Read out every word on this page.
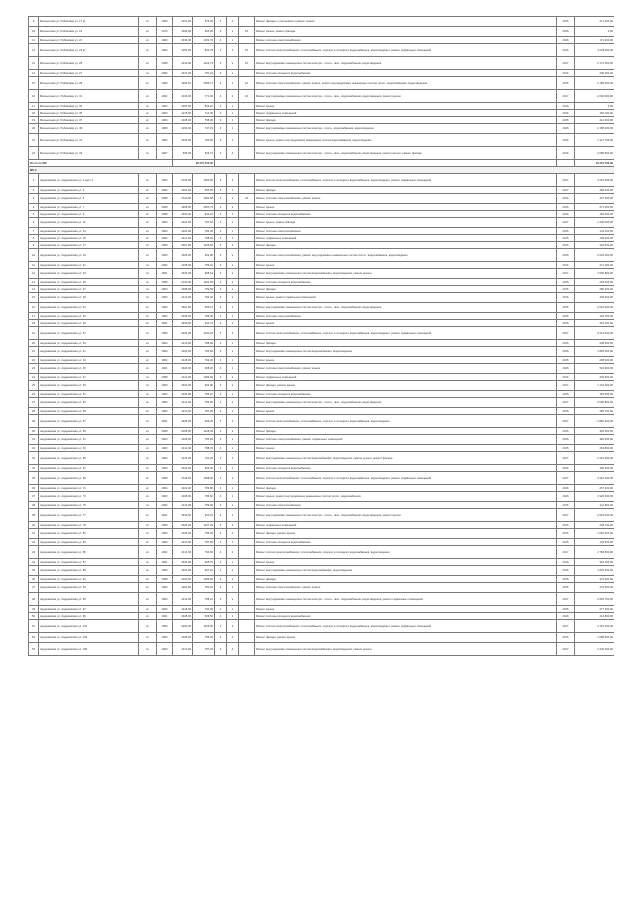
9	Мельничная ул. Рябиновая ул. 17 к1	кп	1969	1014,00	576,09	2	1		Ремонт фасада с утеплением и ремонт кровли	2015	271 200,00
10	Мельничная ул. Рябиновая ул. 19	кп	1974	1692,00	904,20	3	1	18	Ремонт крыши, ремонт фасада	2016	0,00
11	Мельничная ул. Рябиновая ул. 21	кп	1960	2046,00	1151,72	4	1		Ремонт системы электроснабжения	2016	171 200,00
12	Мельничная ул. Рябиновая ул. 23 к1	кп	1962	1352,00	844,79	4	1	16	Ремонт систем электроснабжения, теплоснабжения, горячего и холодного водоснабжения, водоотведения, ремонт подвальных помещений	2016	3 249 000,00
13	Мельничная ул. Рябиновая ул. 25	кп	1958	1440,00	1102,74	4	1	16	Ремонт внутридомовых инженерных систем электро-, тепло-, газо-, водоснабжения, водоотведения	2017	2 174 500,00
14	Мельничная ул. Рябиновая ул. 27	кп	1966	1374,00	787,24	3	1		Ремонт системы холодного водоснабжения	2016	200 000,00
15	Мельничная ул. Рябиновая ул. 29	кп	1959	1906,00	1005,17	4	1	16	Ремонт системы электроснабжения, ремонт крыши, ремонт внутридомовых инженерных систем тепло-, водоснабжения, водоотведения	2016	2 180 000,00
16	Мельничная ул. Рябиновая ул. 31	кп	1962	1406,00	771,00	4	1	16	Ремонт внутридомовых инженерных систем электро-, тепло-, газо-, водоснабжения, водоотведения, ремонт крыши	2017	2 040 000,00
17	Мельничная ул. Рябиновая ул. 33	кп	1964	1366,00	816,22	4	1		Ремонт крыши	2016	0,00
18	Мельничная ул. Рябиновая ул. 35	кп	1963	1278,00	714,30	3	1		Ремонт подвальных помещений	2016	160 000,00
19	Мельничная ул. Рябиновая ул. 37	кп	1964	1408,00	798,30	3	1		Ремонт фасада	2015	214 300,00
20	Мельничная ул. Рябиновая ул. 39	кп	1968	1296,00	747,03	3	1		Ремонт внутридомовых инженерных систем электро-, тепло-, водоснабжения, водоотведения	2016	2 158 000,00
21	Мельничная ул. Рябиновая ул. 41	кп	1962	1406,00	783,05	3	1		Ремонт крыши, ремонт внутридомовых инженерных систем водоснабжения, водоотведения	2016	2 127 700,00
22	Мельничная ул. Рябиновая ул. 43	кп	1967	936,00	529,71	2	1		Ремонт внутридомовых инженерных систем электро-, тепло-, газо-, водоснабжения, водоотведения, ремонт крыши, ремонт фасада	2016	2 089 500,00
Итого по МО				26 270 400,00							19 201 700,00
МО 2											
1	Андреевская ул. Андреевская ул. 1 корп 1	кп	1963	2106,00	1184,50	5	2		Ремонт систем электроснабжения, теплоснабжения, горячего и холодного водоснабжения, водоотведения, ремонт подвальных помещений	2017	3 251 500,00
2	Андреевская ул. Андреевская ул. 3	кп	1962	1004,00	560,05	3	1		Ремонт фасада	2017	468 400,00
3	Андреевская ул. Андреевская ул. 5	кп	1958	2110,00	1184,68	4	2	34	Ремонт системы электроснабжения, ремонт крыши	2016	447 500,00
4	Андреевская ул. Андреевская ул. 7	кп	1959	1928,00	1054,73	4	2		Ремонт крыши	2016	271 200,00
5	Андреевская ул. Андреевская ул. 9	кп	1958	1630,00	910,24	4	1		Ремонт системы холодного водоснабжения	2016	160 000,00
6	Андреевская ул. Андреевская ул. 11	кп	1964	1424,00	797,62	4	1		Ремонт крыши, ремонт фасада	2017	1 230 000,00
7	Андреевская ул. Андреевская ул. 13	кп	1963	1404,00	784,30	4	1		Ремонт системы электроснабжения	2015	144 100,00
8	Андреевская ул. Андреевская ул. 15	кп	1962	1412,00	788,02	4	1		Ремонт подвальных помещений	2015	135 000,00
9	Андреевская ул. Андреевская ул. 17	кп	1959	2024,00	1125,60	4	2		Ремонт фасада	2016	334 500,00
10	Андреевская ул. Андреевская ул. 19	кп	1960	1628,00	902,90	4	1		Ремонт системы электроснабжения, ремонт внутридомовых инженерных систем тепло-, водоснабжения, водоотведения	2016	2 004 200,00
11	Андреевская ул. Андреевская ул. 21	кп	1962	1408,00	786,10	4	1		Ремонт крыши	2016	271 200,00
12	Андреевская ул. Андреевская ул. 23	кп	1961	1632,00	908,61	4	1		Ремонт внутридомовых инженерных систем водоснабжения, водоотведения, ремонт крыши	2017	1 530 800,00
13	Андреевская ул. Андреевская ул. 25	кп	1958	2130,00	1194,55	4	2		Ремонт системы холодного водоснабжения	2015	203 000,00
14	Андреевская ул. Андреевская ул. 27	кп	1964	1398,00	782,50	4	1		Ремонт фасада	2015	286 400,00
15	Андреевская ул. Андреевская ул. 29	кп	1963	1412,00	790,04	4	1		Ремонт крыши, ремонт подвальных помещений	2016	426 200,00
16	Андреевская ул. Андреевская ул. 31	кп	1960	1624,00	906,12	4	1		Ремонт внутридомовых инженерных систем электро-, тепло-, газо-, водоснабжения, водоотведения	2016	2 010 000,00
17	Андреевская ул. Андреевская ул. 33	кп	1962	1408,00	788,40	4	1		Ремонт системы электроснабжения	2015	129 700,00
18	Андреевская ул. Андреевская ул. 35	кп	1961	1630,00	910,74	4	1		Ремонт крыши	2016	316 200,00
19	Андреевская ул. Андреевская ул. 37	кп	1959	2034,00	1130,22	4	2		Ремонт систем электроснабжения, теплоснабжения, горячего и холодного водоснабжения, водоотведения, ремонт подвальных помещений	2017	3 214 600,00
20	Андреевская ул. Андреевская ул. 39	кп	1964	1410,00	786,92	4	1		Ремонт фасада	2016	248 600,00
21	Андреевская ул. Андреевская ул. 41	кп	1963	1404,00	784,60	4	1		Ремонт внутридомовых инженерных систем водоснабжения, водоотведения	2016	1 860 000,00
22	Андреевская ул. Андреевская ул. 43	кп	1962	1418,00	792,40	4	1		Ремонт крыши	2015	298 000,00
23	Андреевская ул. Андреевская ул. 45	кп	1961	1626,00	908,30	4	1		Ремонт системы электроснабжения, ремонт крыши	2016	504 900,00
24	Андреевская ул. Андреевская ул. 47	кп	1958	2112,00	1186,90	4	2		Ремонт подвальных помещений	2016	226 600,00
25	Андреевская ул. Андреевская ул. 49	кп	1960	1620,00	904,80	4	1		Ремонт фасада, ремонт крыши	2017	1 134 000,00
26	Андреевская ул. Андреевская ул. 51	кп	1964	1406,00	785,10	4	1		Ремонт системы холодного водоснабжения	2015	184 500,00
27	Андреевская ул. Андреевская ул. 53	кп	1963	1414,00	789,60	4	1		Ремонт внутридомовых инженерных систем электро-, тепло-, газо-, водоснабжения, водоотведения	2017	2 096 800,00
28	Андреевская ул. Андреевская ул. 55	кп	1962	1410,00	787,30	4	1		Ремонт крыши	2016	286 700,00
29	Андреевская ул. Андреевская ул. 57	кп	1961	1628,00	909,20	4	1		Ремонт систем электроснабжения, теплоснабжения, горячего и холодного водоснабжения, водоотведения	2017	2 860 400,00
30	Андреевская ул. Андреевская ул. 59	кп	1959	2028,00	1128,40	4	2		Ремонт фасада	2016	352 300,00
31	Андреевская ул. Андреевская ул. 61	кп	1964	1408,00	786,00	4	1		Ремонт системы электроснабжения, ремонт подвальных помещений	2016	382 400,00
32	Андреевская ул. Андреевская ул. 63	кп	1963	1412,00	788,70	4	1		Ремонт крыши	2015	263 800,00
33	Андреевская ул. Андреевская ул. 65	кп	1962	1416,00	791,20	4	1		Ремонт внутридомовых инженерных систем водоснабжения, водоотведения, ремонт крыши, ремонт фасада	2017	2 415 600,00
34	Андреевская ул. Андреевская ул. 67	кп	1960	1622,00	906,40	4	1		Ремонт системы холодного водоснабжения	2016	196 200,00
35	Андреевская ул. Андреевская ул. 69	кп	1958	2118,00	1188,30	4	2		Ремонт систем электроснабжения, теплоснабжения, горячего и холодного водоснабжения, водоотведения, ремонт подвальных помещений	2017	3 310 200,00
36	Андреевская ул. Андреевская ул. 71	кп	1964	1402,00	783,80	4	1		Ремонт фасада	2016	257 100,00
37	Андреевская ул. Андреевская ул. 73	кп	1963	1408,00	786,60	4	1		Ремонт крыши, ремонт внутридомовых инженерных систем тепло-, водоснабжения	2016	1 926 300,00
38	Андреевская ул. Андреевская ул. 75	кп	1962	1414,00	789,90	4	1		Ремонт системы электроснабжения	2015	141 800,00
39	Андреевская ул. Андреевская ул. 77	кп	1961	1630,00	910,10	4	1		Ремонт внутридомовых инженерных систем электро-, тепло-, газо-, водоснабжения, водоотведения, ремонт крыши	2017	2 504 000,00
40	Андреевская ул. Андреевская ул. 79	кп	1959	2026,00	1127,20	4	2		Ремонт подвальных помещений	2016	238 700,00
41	Андреевская ул. Андреевская ул. 81	кп	1964	1406,00	785,40	4	1		Ремонт фасада, ремонт крыши	2016	1 062 400,00
42	Андреевская ул. Андреевская ул. 83	кп	1963	1410,00	787,80	4	1		Ремонт системы холодного водоснабжения	2015	178 900,00
43	Андреевская ул. Андреевская ул. 85	кп	1962	1416,00	790,60	4	1		Ремонт систем электроснабжения, теплоснабжения, горячего и холодного водоснабжения, водоотведения	2017	2 784 500,00
44	Андреевская ул. Андреевская ул. 87	кп	1961	1626,00	908,70	4	1		Ремонт крыши	2016	304 200,00
45	Андреевская ул. Андреевская ул. 89	кп	1960	1624,00	907,10	4	1		Ремонт внутридомовых инженерных систем водоснабжения, водоотведения	2016	1 842 600,00
46	Андреевская ул. Андреевская ул. 91	кп	1958	2120,00	1189,40	4	2		Ремонт фасада	2015	341 900,00
47	Андреевская ул. Андреевская ул. 93	кп	1964	1404,00	784,20	4	1		Ремонт системы электроснабжения, ремонт крыши	2016	476 300,00
48	Андреевская ул. Андреевская ул. 95	кп	1963	1412,00	788,10	4	1		Ремонт внутридомовых инженерных систем электро-, тепло-, газо-, водоснабжения, водоотведения, ремонт подвальных помещений	2017	2 652 700,00
49	Андреевская ул. Андреевская ул. 97	кп	1962	1418,00	792,00	4	1		Ремонт крыши	2015	277 300,00
50	Андреевская ул. Андреевская ул. 99	кп	1961	1628,00	909,50	4	1		Ремонт системы холодного водоснабжения	2016	212 800,00
51	Андреевская ул. Андреевская ул. 101	кп	1959	2030,00	1129,00	4	2		Ремонт систем электроснабжения, теплоснабжения, горячего и холодного водоснабжения, водоотведения, ремонт подвальных помещений	2017	3 187 400,00
52	Андреевская ул. Андреевская ул. 103	кп	1964	1408,00	786,30	4	1		Ремонт фасада, ремонт крыши	2016	1 098 500,00
53	Андреевская ул. Андреевская ул. 105	кп	1963	1410,00	787,40	4	1		Ремонт внутридомовых инженерных систем водоснабжения, водоотведения, ремонт крыши	2017	2 246 000,00
